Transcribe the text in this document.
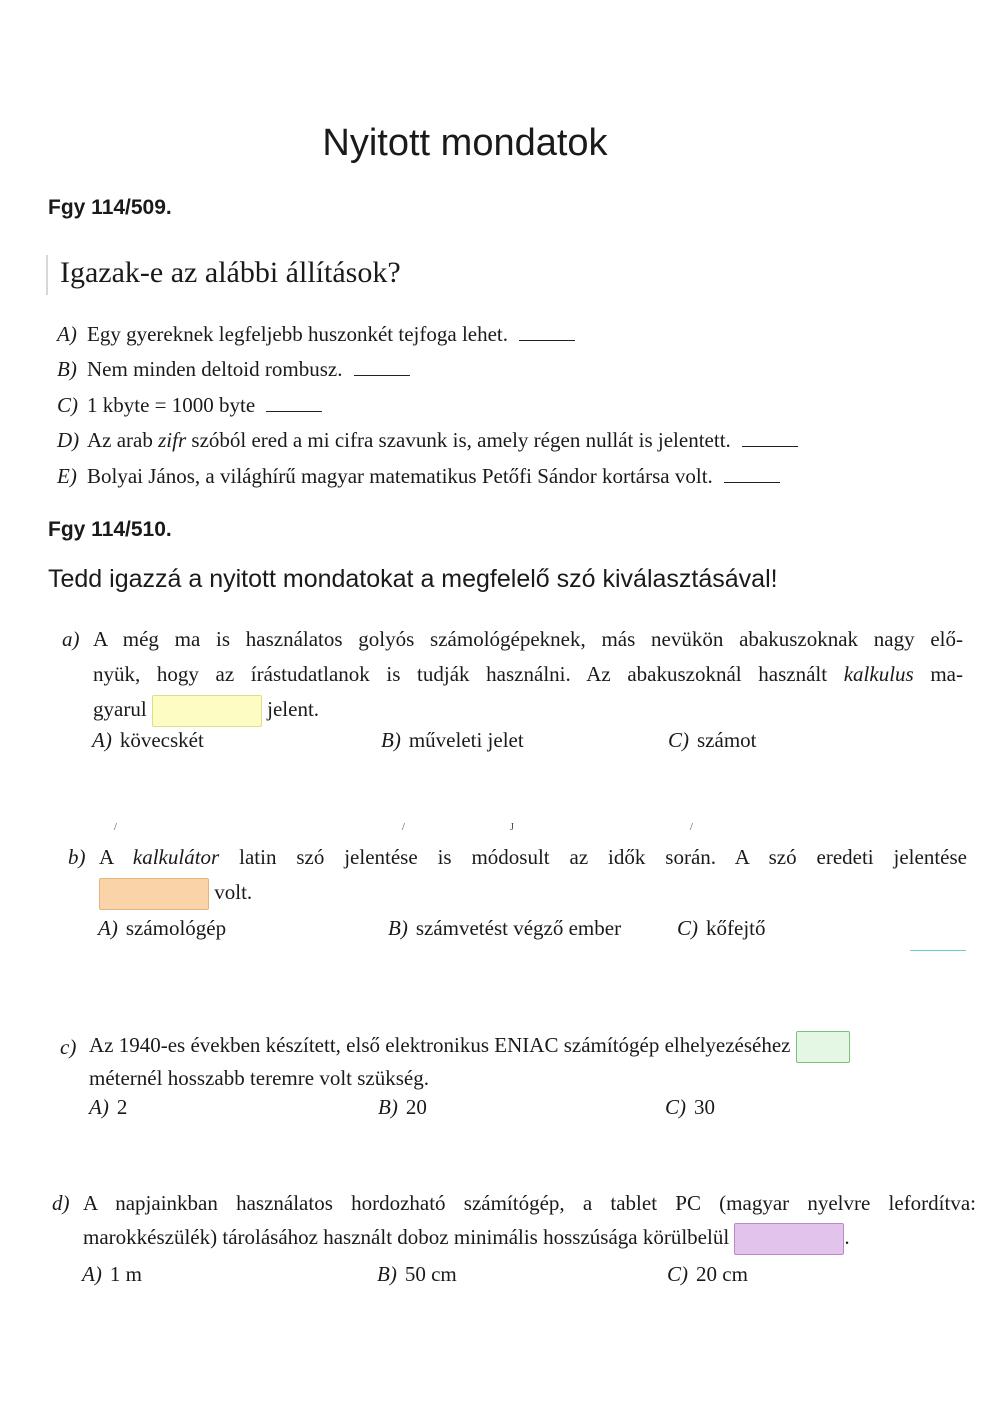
Nyitott mondatok
Fgy 114/509.
Igazak-e az alábbi állítások?
A) Egy gyereknek legfeljebb huszonkét tejfoga lehet.
B) Nem minden deltoid rombusz.
C) 1 kbyte = 1000 byte
D) Az arab zifr szóból ered a mi cifra szavunk is, amely régen nullát is jelentett.
E) Bolyai János, a világhírű magyar matematikus Petőfi Sándor kortársa volt.
Fgy 114/510.
Tedd igazzá a nyitott mondatokat a megfelelő szó kiválasztásával!
a) A még ma is használatos golyós számológépeknek, más nevükön abakuszoknak nagy elő-
nyük, hogy az írástudatlanok is tudják használni. Az abakuszoknál használt kalkulus ma-
gyarul	jelent.
A) kövecskét	B) műveleti jelet	C) számot
/	/	J	/
b) A kalkulátor latin szó jelentése is módosult az idők során. A szó eredeti jelentése
volt.
A) számológép	B) számvetést végző ember	C) kőfejtő
c) Az 1940-es években készített, első elektronikus ENIAC számítógép elhelyezéséhez
méternél hosszabb teremre volt szükség.
A) 2	B) 20	C) 30
d) A napjainkban használatos hordozható számítógép, a tablet PC (magyar nyelvre lefordítva:
marokkészülék) tárolásához használt doboz minimális hosszúsága körülbelül	.
A) 1 m	B) 50 cm	C) 20 cm
